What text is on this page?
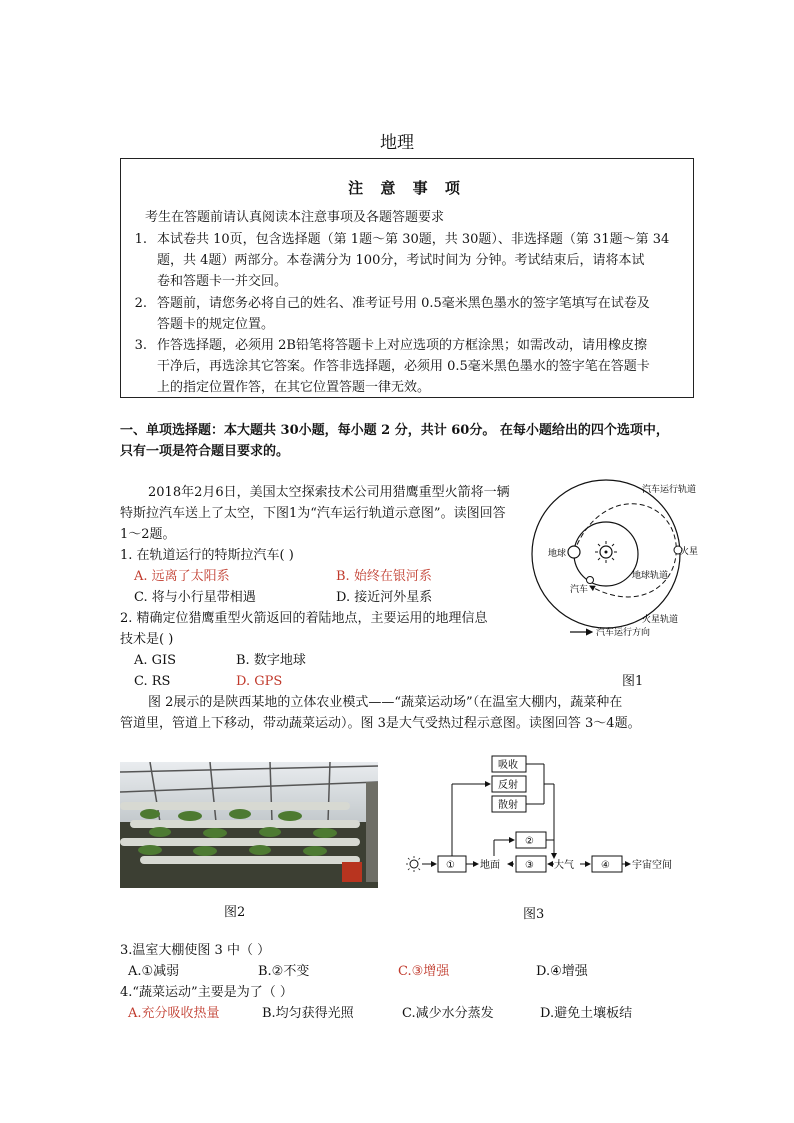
地理
注 意 事 项
考生在答题前请认真阅读本注意事项及各题答题要求
1. 本试卷共 10页，包含选择题（第 1题～第 30题，共 30题）、非选择题（第 31题～第 34
题，共 4题）两部分。本卷满分为 100分，考试时间为 分钟。考试结束后，请将本试
卷和答题卡一并交回。
2. 答题前，请您务必将自己的姓名、准考证号用 0.5毫米黑色墨水的签字笔填写在试卷及
答题卡的规定位置。
3. 作答选择题，必须用 2B铅笔将答题卡上对应选项的方框涂黑；如需改动，请用橡皮擦
干净后，再选涂其它答案。作答非选择题，必须用 0.5毫米黑色墨水的签字笔在答题卡
上的指定位置作答，在其它位置答题一律无效。
一、单项选择题：本大题共 30小题，每小题 2 分，共计 60分。 在每小题给出的四个选项中，
只有一项是符合题目要求的。
2018年2月6日，美国太空探索技术公司用猎鹰重型火箭将一辆
特斯拉汽车送上了太空，下图1为“汽车运行轨道示意图”。读图回答
1～2题。
1. 在轨道运行的特斯拉汽车( )
A. 远离了太阳系	B. 始终在银河系
C. 将与小行星带相遇	D. 接近河外星系
2. 精确定位猎鹰重型火箭返回的着陆地点，主要运用的地理信息
技术是( )
A. GIS	B. 数字地球
C. RS	D. GPS
汽车运行轨道
地球	火星
地球轨道
汽车
火星轨道
汽车运行方向
图1
图 2展示的是陕西某地的立体农业模式——“蔬菜运动场”（在温室大棚内，蔬菜种在
管道里，管道上下移动，带动蔬菜运动）。图 3是大气受热过程示意图。读图回答 3～4题。
图2
吸收
反射
散射
①
②
③	④
地面	大气	宇宙空间
图3
3.温室大棚使图 3 中（ ）
A.①减弱	B.②不变	C.③增强	D.④增强
4.“蔬菜运动”主要是为了（ ）
A.充分吸收热量	B.均匀获得光照	C.减少水分蒸发	D.避免土壤板结
